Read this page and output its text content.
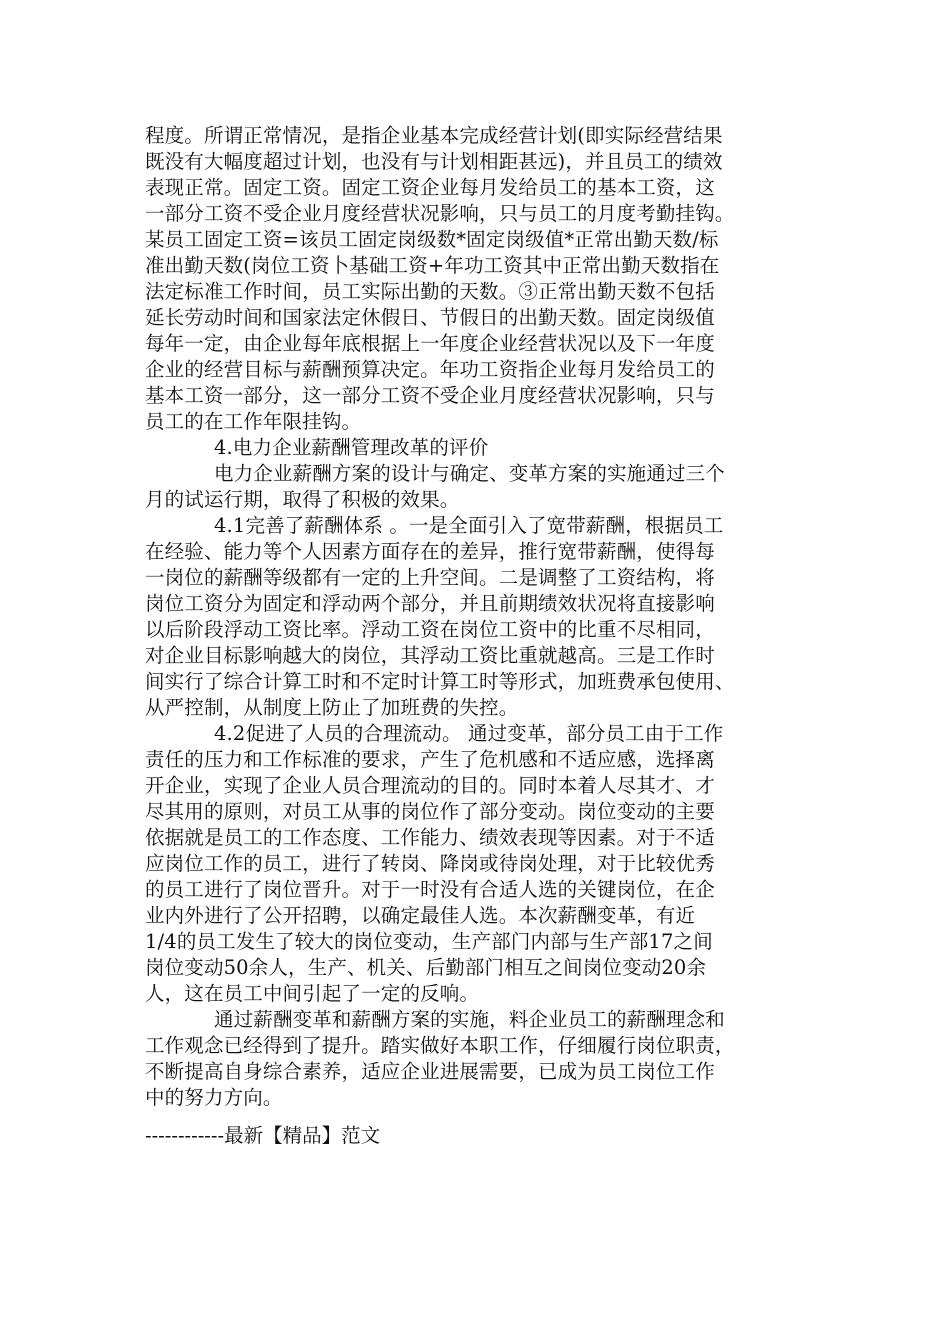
程度。所谓正常情况，是指企业基本完成经营计划(即实际经营结果
既没有大幅度超过计划，也没有与计划相距甚远)，并且员工的绩效
表现正常。固定工资。固定工资企业每月发给员工的基本工资，这
一部分工资不受企业月度经营状况影响，只与员工的月度考勤挂钩。
某员工固定工资=该员工固定岗级数*固定岗级值*正常出勤天数/标
准出勤天数(岗位工资卜基础工资+年功工资其中正常出勤天数指在
法定标准工作时间，员工实际出勤的天数。③正常出勤天数不包括
延长劳动时间和国家法定休假日、节假日的出勤天数。固定岗级值
每年一定，由企业每年底根据上一年度企业经营状况以及下一年度
企业的经营目标与薪酬预算决定。年功工资指企业每月发给员工的
基本工资一部分，这一部分工资不受企业月度经营状况影响，只与
员工的在工作年限挂钩。
4.电力企业薪酬管理改革的评价
电力企业薪酬方案的设计与确定、变革方案的实施通过三个
月的试运行期，取得了积极的效果。
4.1完善了薪酬体系 。一是全面引入了宽带薪酬，根据员工
在经验、能力等个人因素方面存在的差异，推行宽带薪酬，使得每
一岗位的薪酬等级都有一定的上升空间。二是调整了工资结构，将
岗位工资分为固定和浮动两个部分，并且前期绩效状况将直接影响
以后阶段浮动工资比率。浮动工资在岗位工资中的比重不尽相同，
对企业目标影响越大的岗位，其浮动工资比重就越高。三是工作时
间实行了综合计算工时和不定时计算工时等形式，加班费承包使用、
从严控制，从制度上防止了加班费的失控。
4.2促进了人员的合理流动。 通过变革，部分员工由于工作
责任的压力和工作标准的要求，产生了危机感和不适应感，选择离
开企业，实现了企业人员合理流动的目的。同时本着人尽其才、才
尽其用的原则，对员工从事的岗位作了部分变动。岗位变动的主要
依据就是员工的工作态度、工作能力、绩效表现等因素。对于不适
应岗位工作的员工，进行了转岗、降岗或待岗处理，对于比较优秀
的员工进行了岗位晋升。对于一时没有合适人选的关键岗位，在企
业内外进行了公开招聘，以确定最佳人选。本次薪酬变革，有近
1/4的员工发生了较大的岗位变动，生产部门内部与生产部17之间
岗位变动50余人，生产、机关、后勤部门相互之间岗位变动20余
人，这在员工中间引起了一定的反响。
通过薪酬变革和薪酬方案的实施，料企业员工的薪酬理念和
工作观念已经得到了提升。踏实做好本职工作，仔细履行岗位职责，
不断提高自身综合素养，适应企业进展需要，已成为员工岗位工作
中的努力方向。
------------最新【精品】范文
